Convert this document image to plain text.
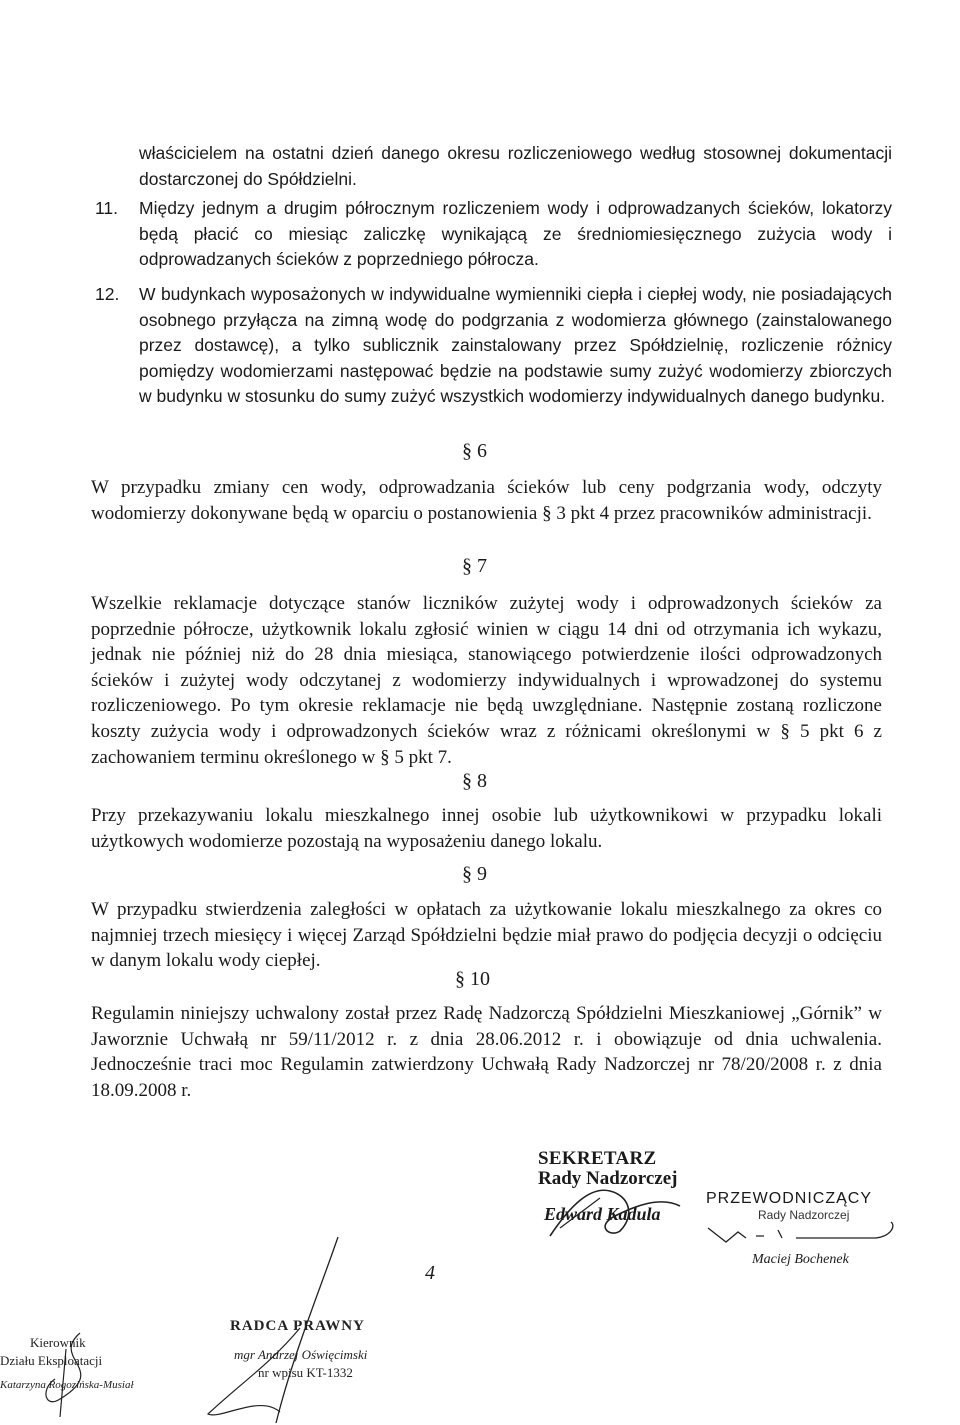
właścicielem na ostatni dzień danego okresu rozliczeniowego według stosownej dokumentacji dostarczonej do Spółdzielni.

11. Między jednym a drugim półrocznym rozliczeniem wody i odprowadzanych ścieków, lokatorzy będą płacić co miesiąc zaliczkę wynikającą ze średniomiesięcznego zużycia wody i odprowadzanych ścieków z poprzedniego półrocza.

12. W budynkach wyposażonych w indywidualne wymienniki ciepła i ciepłej wody, nie posiadających osobnego przyłącza na zimną wodę do podgrzania z wodomierza głównego (zainstalowanego przez dostawcę), a tylko sublicznik zainstalowany przez Spółdzielnię, rozliczenie różnicy pomiędzy wodomierzami następować będzie na podstawie sumy zużyć wodomierzy zbiorczych w budynku w stosunku do sumy zużyć wszystkich wodomierzy indywidualnych danego budynku.

§ 6

W przypadku zmiany cen wody, odprowadzania ścieków lub ceny podgrzania wody, odczyty wodomierzy dokonywane będą w oparciu o postanowienia § 3 pkt 4 przez pracowników administracji.

§ 7

Wszelkie reklamacje dotyczące stanów liczników zużytej wody i odprowadzonych ścieków za poprzednie półrocze, użytkownik lokalu zgłosić winien w ciągu 14 dni od otrzymania ich wykazu, jednak nie później niż do 28 dnia miesiąca, stanowiącego potwierdzenie ilości odprowadzonych ścieków i zużytej wody odczytanej z wodomierzy indywidualnych i wprowadzonej do systemu rozliczeniowego. Po tym okresie reklamacje nie będą uwzględniane. Następnie zostaną rozliczone koszty zużycia wody i odprowadzonych ścieków wraz z różnicami określonymi w § 5 pkt 6 z zachowaniem terminu określonego w § 5 pkt 7.

§ 8

Przy przekazywaniu lokalu mieszkalnego innej osobie lub użytkownikowi w przypadku lokali użytkowych wodomierze pozostają na wyposażeniu danego lokalu.

§ 9

W przypadku stwierdzenia zaległości w opłatach za użytkowanie lokalu mieszkalnego za okres co najmniej trzech miesięcy i więcej Zarząd Spółdzielni będzie miał prawo do podjęcia decyzji o odcięciu w danym lokalu wody ciepłej.

§ 10

Regulamin niniejszy uchwalony został przez Radę Nadzorczą Spółdzielni Mieszkaniowej „Górnik” w Jaworznie Uchwałą nr 59/11/2012 r. z dnia 28.06.2012 r. i obowiązuje od dnia uchwalenia. Jednocześnie traci moc Regulamin zatwierdzony Uchwałą Rady Nadzorczej nr 78/20/2008 r. z dnia 18.09.2008 r.

SEKRETARZ
Rady Nadzorczej
Edward Kadula
PRZEWODNICZĄCY
Rady Nadzorczej
Maciej Bochenek
4
Kierownik
Działu Eksploatacji
Katarzyna Rogozińska-Musiał
RADCA PRAWNY
mgr Andrzej Oświęcimski
nr wpisu KT-1332
